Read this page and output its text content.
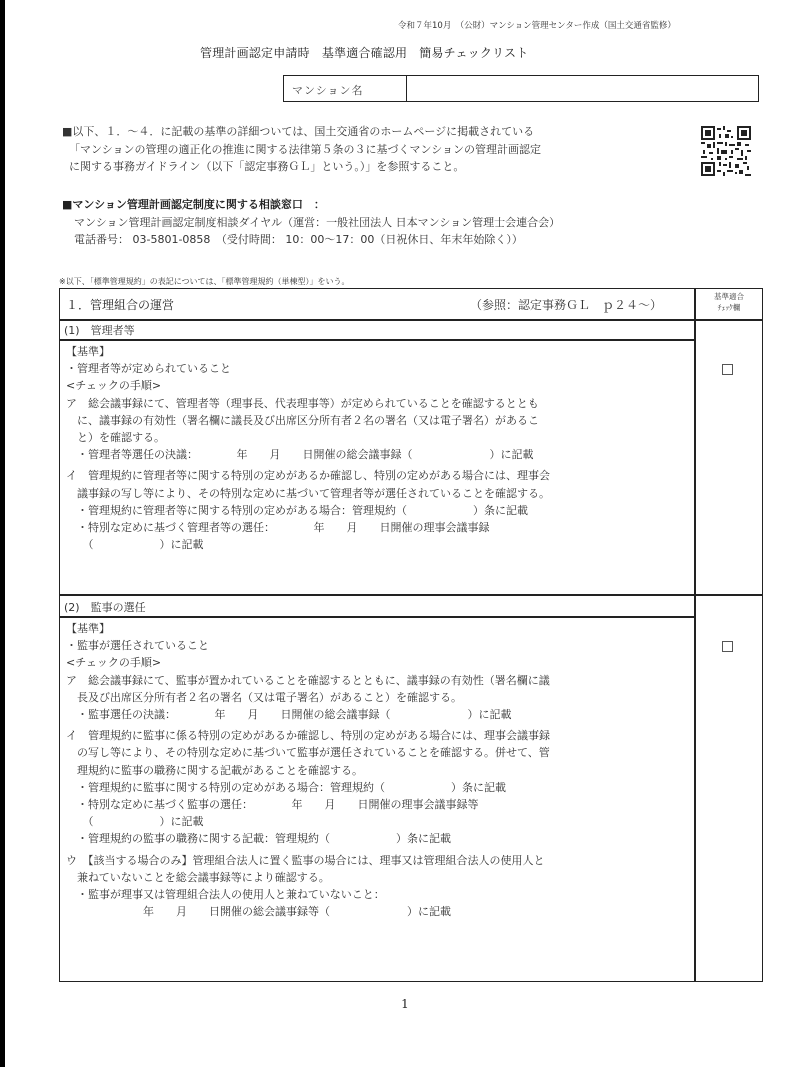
令和７年10月　（公財）マンション管理センター作成（国土交通省監修）
管理計画認定申請時 基準適合確認用 簡易チェックリスト
マンション名
■以下、１．～４．に記載の基準の詳細ついては、国土交通省のホームページに掲載されている
「マンションの管理の適正化の推進に関する法律第５条の３に基づくマンションの管理計画認定
に関する事務ガイドライン（以下「認定事務ＧＬ」という。）」を参照すること。
■マンション管理計画認定制度に関する相談窓口　：
マンション管理計画認定制度相談ダイヤル（運営：一般社団法人 日本マンション管理士会連合会）
電話番号： 03-5801-0858　（受付時間： 10：00～17：00（日祝休日、年末年始除く））
※以下、「標準管理規約」の表記については、「標準管理規約（単棟型）」をいう。
１．管理組合の運営	（参照：認定事務ＧＬ　ｐ２４～）
基準適合
ﾁｪｯｸ欄
(1)　管理者等
【基準】
・管理者等が定められていること
<チェックの手順>
ア　総会議事録にて、管理者等（理事長、代表理事等）が定められていることを確認するととも
　に、議事録の有効性（署名欄に議長及び出席区分所有者２名の署名（又は電子署名）があるこ
　と）を確認する。
　・管理者等選任の決議：　　　　年　　月　　日開催の総会議事録（　　　　　　　）に記載
イ　管理規約に管理者等に関する特別の定めがあるか確認し、特別の定めがある場合には、理事会
　議事録の写し等により、その特別な定めに基づいて管理者等が選任されていることを確認する。
　・管理規約に管理者等に関する特別の定めがある場合：管理規約（　　　　　　）条に記載
　・特別な定めに基づく管理者等の選任：　　　　年　　月　　日開催の理事会議事録
　　（　　　　　　）に記載
(2)　監事の選任
【基準】
・監事が選任されていること
<チェックの手順>
ア　総会議事録にて、監事が置かれていることを確認するとともに、議事録の有効性（署名欄に議
　長及び出席区分所有者２名の署名（又は電子署名）があること）を確認する。
　・監事選任の決議：　　　　年　　月　　日開催の総会議事録（　　　　　　　）に記載
イ　管理規約に監事に係る特別の定めがあるか確認し、特別の定めがある場合には、理事会議事録
　の写し等により、その特別な定めに基づいて監事が選任されていることを確認する。併せて、管
　理規約に監事の職務に関する記載があることを確認する。
　・管理規約に監事に関する特別の定めがある場合：管理規約（　　　　　　）条に記載
　・特別な定めに基づく監事の選任：　　　　年　　月　　日開催の理事会議事録等
　　（　　　　　　）に記載
　・管理規約の監事の職務に関する記載：管理規約（　　　　　　）条に記載
ウ　【該当する場合のみ】管理組合法人に置く監事の場合には、理事又は管理組合法人の使用人と
　兼ねていないことを総会議事録等により確認する。
　・監事が理事又は管理組合法人の使用人と兼ねていないこと：
　　　　　　　年　　月　　日開催の総会議事録等（　　　　　　　）に記載
1
